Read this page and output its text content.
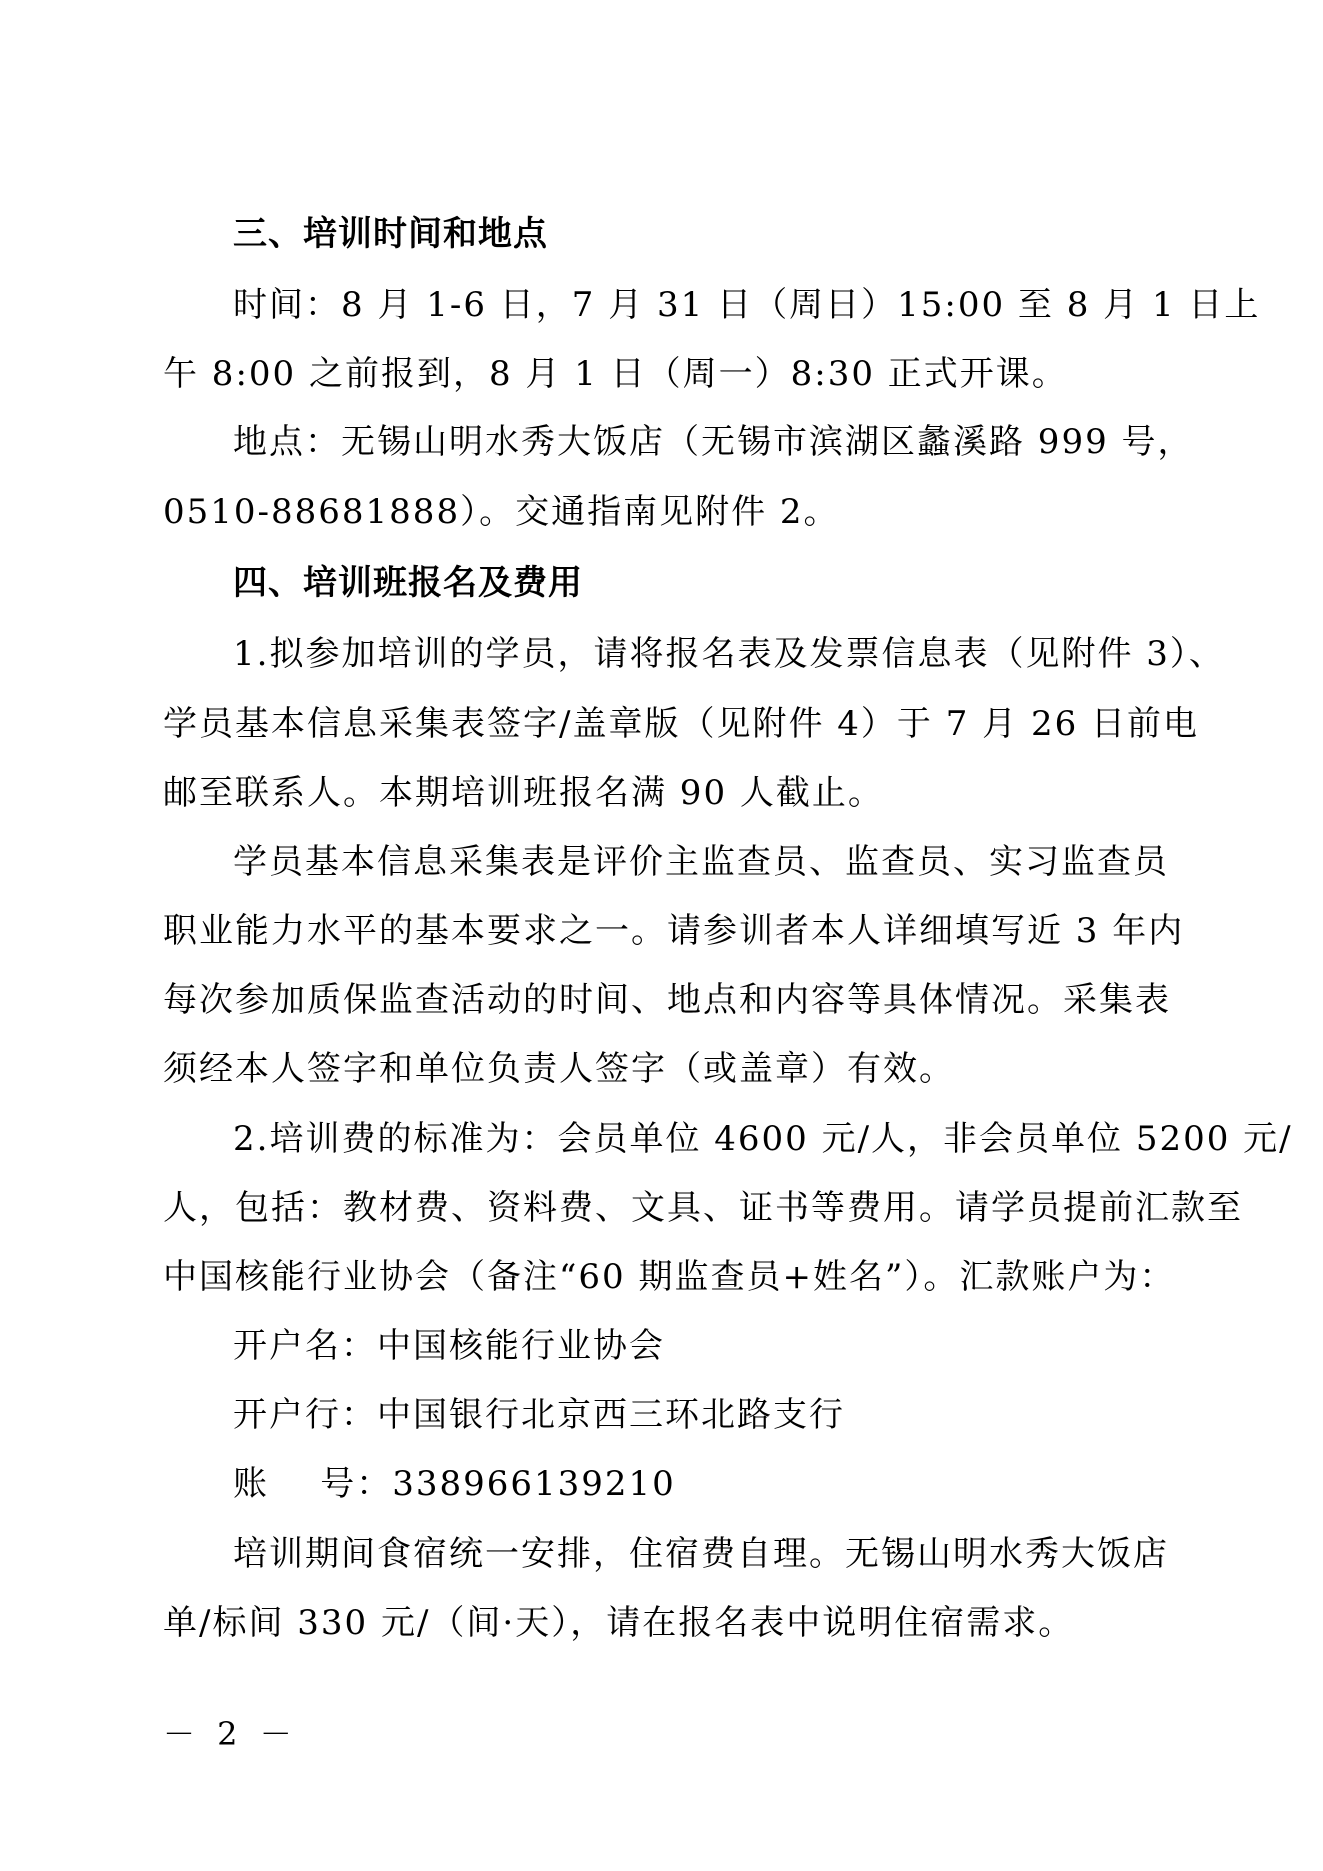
三、培训时间和地点

时间：8 月 1-6 日，7 月 31 日（周日）15:00 至 8 月 1 日上

午 8:00 之前报到，8 月 1 日（周一）8:30 正式开课。

地点：无锡山明水秀大饭店（无锡市滨湖区蠡溪路 999 号，

0510-88681888）。交通指南见附件 2。

四、培训班报名及费用

1.拟参加培训的学员，请将报名表及发票信息表（见附件 3）、

学员基本信息采集表签字/盖章版（见附件 4）于 7 月 26 日前电

邮至联系人。本期培训班报名满 90 人截止。

学员基本信息采集表是评价主监查员、监查员、实习监查员

职业能力水平的基本要求之一。请参训者本人详细填写近 3 年内

每次参加质保监查活动的时间、地点和内容等具体情况。采集表

须经本人签字和单位负责人签字（或盖章）有效。

2.培训费的标准为：会员单位 4600 元/人，非会员单位 5200 元/

人，包括：教材费、资料费、文具、证书等费用。请学员提前汇款至

中国核能行业协会（备注“60 期监查员+姓名”）。汇款账户为：

开户名：中国核能行业协会

开户行：中国银行北京西三环北路支行

账    号：338966139210

培训期间食宿统一安排，住宿费自理。无锡山明水秀大饭店

单/标间 330 元/（间·天），请在报名表中说明住宿需求。

－ 2 －
